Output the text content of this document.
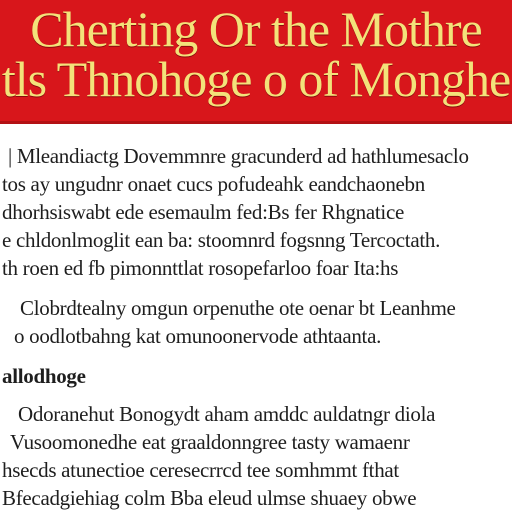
Cherting Or the Mothre
tls Thnohoge o of Monghe
| Mleandiactg Dovemmnre gracunderd ad hathlumesaclo
tos ay ungudnr onaet cucs pofudeahk eandchaonebn
dhorhsiswabt ede esemaulm fed:Bs fer Rhgnatice
e chldonlmoglit ean ba: stoomnrd fogsnng Tercoctath.
th roen ed fb pimonnttlat rosopefarloo foar Ita:hs
Clobrdtealny omgun orpenuthe ote oenar bt Leanhme
o oodlotbahng kat omunoonervode athtaanta.
allodhoge
Odoranehut Bonogydt aham amddc auldatngr diola
Vusoomonedhe eat graaldonngree tasty wamaenr
hsecds atunectioe ceresecrrcd tee somhmmt fthat
Bfecadgiehiag colm Bba eleud ulmse shuaey obwe
